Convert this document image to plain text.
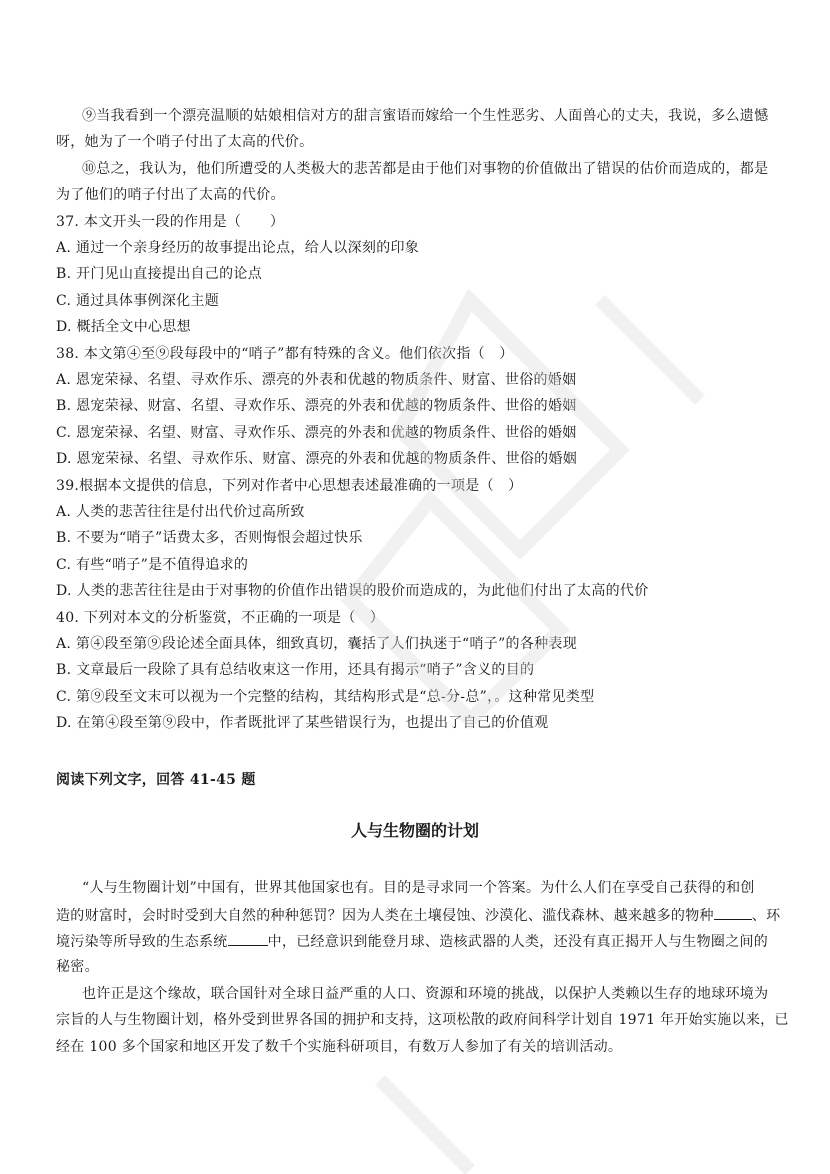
⑨当我看到一个漂亮温顺的姑娘相信对方的甜言蜜语而嫁给一个生性恶劣、人面兽心的丈夫，我说，多么遗憾
呀，她为了一个哨子付出了太高的代价。
⑩总之，我认为，他们所遭受的人类极大的悲苦都是由于他们对事物的价值做出了错误的估价而造成的，都是
为了他们的哨子付出了太高的代价。
37. 本文开头一段的作用是（　　）
A. 通过一个亲身经历的故事提出论点，给人以深刻的印象
B. 开门见山直接提出自己的论点
C. 通过具体事例深化主题
D. 概括全文中心思想
38. 本文第④至⑨段每段中的“哨子”都有特殊的含义。他们依次指（　）
A. 恩宠荣禄、名望、寻欢作乐、漂亮的外表和优越的物质条件、财富、世俗的婚姻
B. 恩宠荣禄、财富、名望、寻欢作乐、漂亮的外表和优越的物质条件、世俗的婚姻
C. 恩宠荣禄、名望、财富、寻欢作乐、漂亮的外表和优越的物质条件、世俗的婚姻
D. 恩宠荣禄、名望、寻欢作乐、财富、漂亮的外表和优越的物质条件、世俗的婚姻
39.根据本文提供的信息，下列对作者中心思想表述最准确的一项是（　）
A. 人类的悲苦往往是付出代价过高所致
B. 不要为“哨子”话费太多，否则悔恨会超过快乐
C. 有些“哨子”是不值得追求的
D. 人类的悲苦往往是由于对事物的价值作出错误的股价而造成的，为此他们付出了太高的代价
40. 下列对本文的分析鉴赏，不正确的一项是（　）
A. 第④段至第⑨段论述全面具体，细致真切，囊括了人们执迷于“哨子”的各种表现
B. 文章最后一段除了具有总结收束这一作用，还具有揭示“哨子”含义的目的
C. 第⑨段至文末可以视为一个完整的结构，其结构形式是“总-分-总”，。这种常见类型
D. 在第④段至第⑨段中，作者既批评了某些错误行为，也提出了自己的价值观
阅读下列文字，回答 41-45 题
人与生物圈的计划
“人与生物圈计划”中国有，世界其他国家也有。目的是寻求同一个答案。为什么人们在享受自己获得的和创
造的财富时，会时时受到大自然的种种惩罚？因为人类在土壤侵蚀、沙漠化、滥伐森林、越来越多的物种	、环
境污染等所导致的生态系统	中，已经意识到能登月球、造核武器的人类，还没有真正揭开人与生物圈之间的
秘密。
也许正是这个缘故，联合国针对全球日益严重的人口、资源和环境的挑战，以保护人类赖以生存的地球环境为
宗旨的人与生物圈计划，格外受到世界各国的拥护和支持，这项松散的政府间科学计划自 1971 年开始实施以来，已
经在 100 多个国家和地区开发了数千个实施科研项目，有数万人参加了有关的培训活动。
